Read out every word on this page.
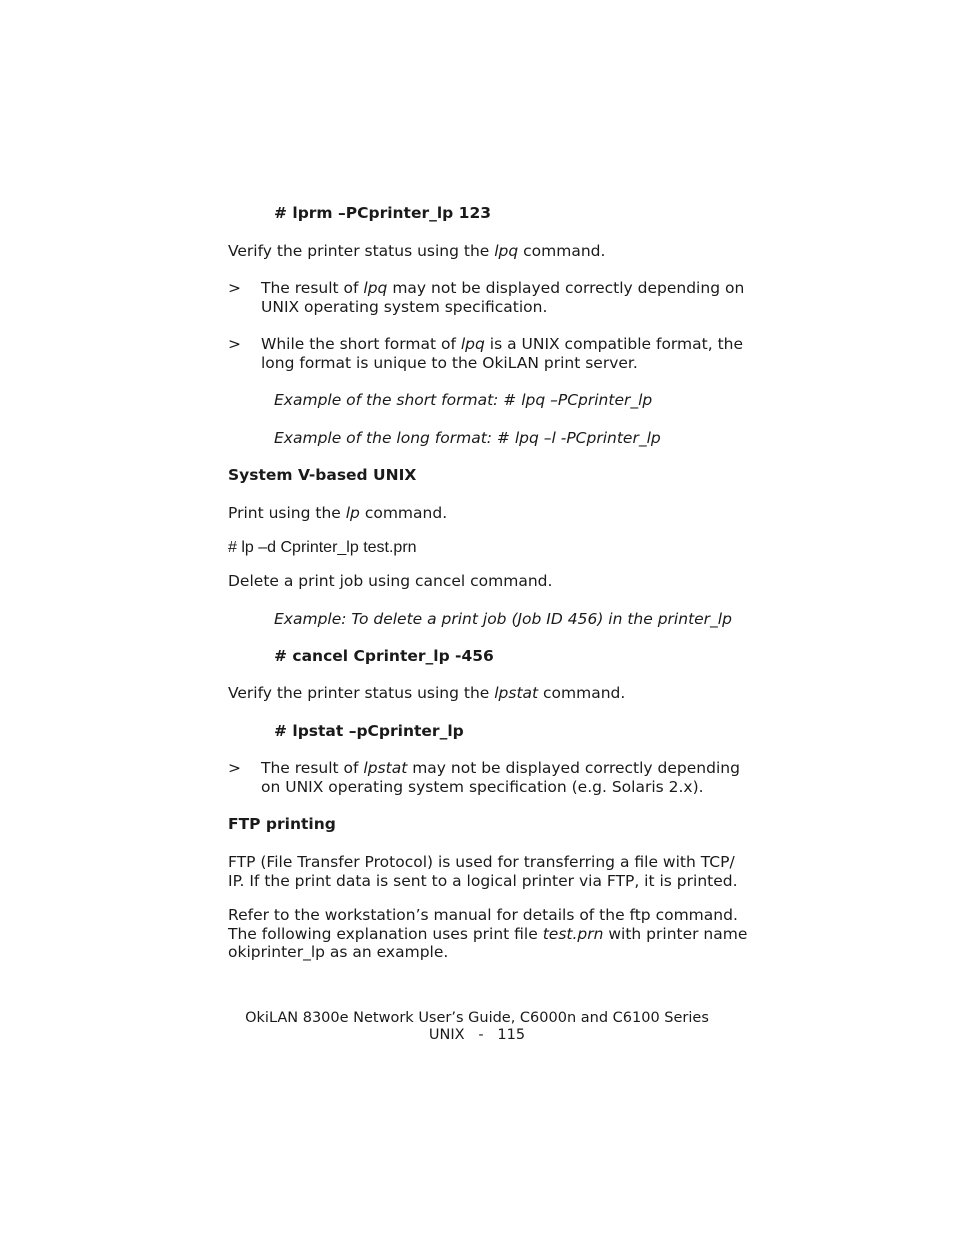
# lprm –PCprinter_lp 123

Verify the printer status using the lpq command.

> The result of lpq may not be displayed correctly depending on

UNIX operating system specification.

> While the short format of lpq is a UNIX compatible format, the

long format is unique to the OkiLAN print server.

Example of the short format: # lpq –PCprinter_lp

Example of the long format: # lpq –l -PCprinter_lp

System V-based UNIX

Print using the lp command.

# lp –d Cprinter_lp test.prn

Delete a print job using cancel command.

Example: To delete a print job (Job ID 456) in the printer_lp

# cancel Cprinter_lp -456

Verify the printer status using the lpstat command.

# lpstat –pCprinter_lp

> The result of lpstat may not be displayed correctly depending

on UNIX operating system specification (e.g. Solaris 2.x).

FTP printing

FTP (File Transfer Protocol) is used for transferring a file with TCP/

IP. If the print data is sent to a logical printer via FTP, it is printed.

Refer to the workstation’s manual for details of the ftp command.

The following explanation uses print file test.prn with printer name

okiprinter_lp as an example.

OkiLAN 8300e Network User’s Guide, C6000n and C6100 Series

UNIX   -   115
